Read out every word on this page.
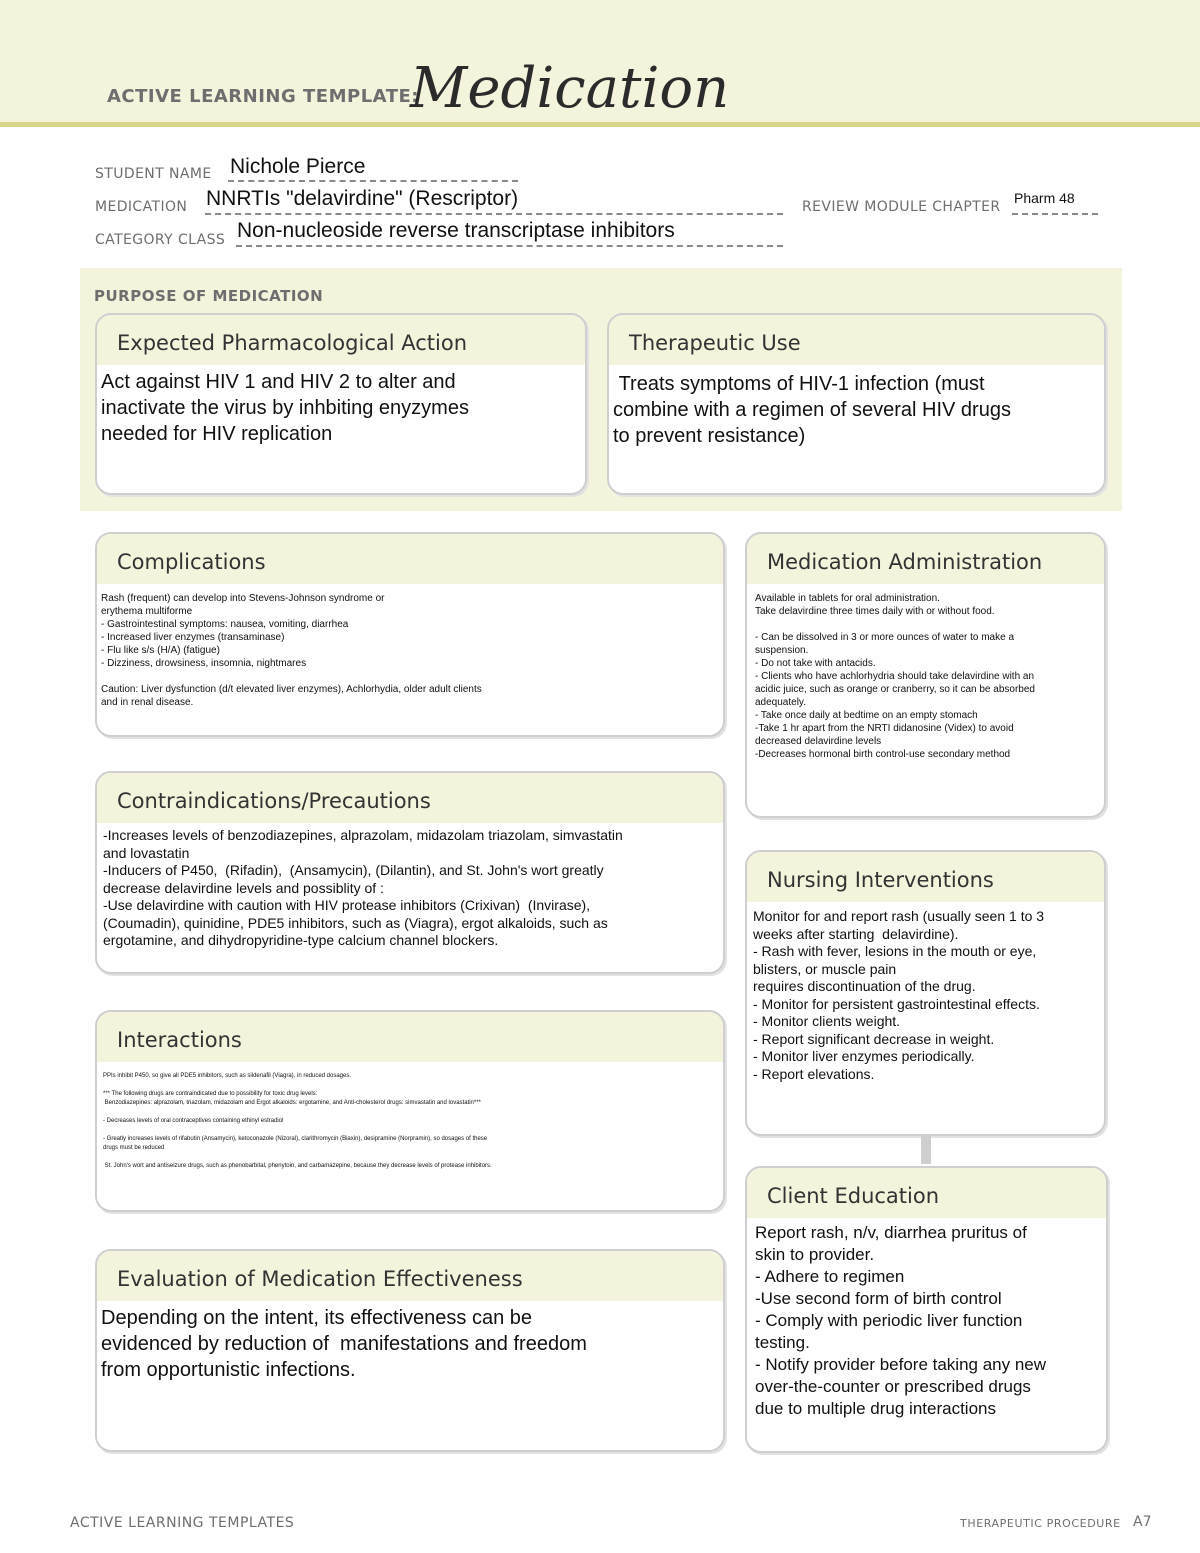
ACTIVE LEARNING TEMPLATE:
Medication
STUDENT NAME Nichole Pierce
MEDICATION NNRTIs "delavirdine" (Rescriptor)	REVIEW MODULE CHAPTER
Pharm 48
CATEGORY CLASS Non-nucleoside reverse transcriptase inhibitors
PURPOSE OF MEDICATION
Expected Pharmacological Action
Act against HIV 1 and HIV 2 to alter and
inactivate the virus by inhbiting enyzymes
needed for HIV replication
Therapeutic Use
Treats symptoms of HIV-1 infection (must
combine with a regimen of several HIV drugs
to prevent resistance)
Complications
Rash (frequent) can develop into Stevens-Johnson syndrome or
erythema multiforme
- Gastrointestinal symptoms: nausea, vomiting, diarrhea
- Increased liver enzymes (transaminase)
- Flu like s/s (H/A) (fatigue)
- Dizziness, drowsiness, insomnia, nightmares

Caution: Liver dysfunction (d/t elevated liver enzymes), Achlorhydia, older adult clients
and in renal disease.
Medication Administration
Available in tablets for oral administration.
Take delavirdine three times daily with or without food.

- Can be dissolved in 3 or more ounces of water to make a
suspension.
- Do not take with antacids.
- Clients who have achlorhydria should take delavirdine with an
acidic juice, such as orange or cranberry, so it can be absorbed
adequately.
- Take once daily at bedtime on an empty stomach
-Take 1 hr apart from the NRTI didanosine (Videx) to avoid
decreased delavirdine levels
-Decreases hormonal birth control-use secondary method
Contraindications/Precautions
-Increases levels of benzodiazepines, alprazolam, midazolam triazolam, simvastatin
and lovastatin
-Inducers of P450,  (Rifadin),  (Ansamycin), (Dilantin), and St. John's wort greatly
decrease delavirdine levels and possiblity of :
-Use delavirdine with caution with HIV protease inhibitors (Crixivan)  (Invirase),
(Coumadin), quinidine, PDE5 inhibitors, such as (Viagra), ergot alkaloids, such as
ergotamine, and dihydropyridine-type calcium channel blockers.
Nursing Interventions
Monitor for and report rash (usually seen 1 to 3
weeks after starting  delavirdine).
- Rash with fever, lesions in the mouth or eye,
blisters, or muscle pain
requires discontinuation of the drug.
- Monitor for persistent gastrointestinal effects.
- Monitor clients weight.
- Report significant decrease in weight.
- Monitor liver enzymes periodically.
- Report elevations.
Interactions
PPIs inhibit P450, so give all PDE5 inhibitors, such as sildenafil (Viagra), in reduced dosages.

*** The following drugs are contraindicated due to possibility for toxic drug levels:
Benzodiazepines: alprazolam, triazolam, midazolam and Ergot alkaloids: ergotamine, and Anti-cholesterol drugs: simvastatin and lovastatin***

- Decreases levels of oral contraceptives containing ethinyl estradiol

- Greatly increases levels of rifabutin (Ansamycin), ketoconazole (Nizoral), clarithromycin (Biaxin), desipramine (Norpramin), so dosages of these
drugs must be reduced

St. John's wort and antiseizure drugs, such as phenobarbital, phenytoin, and carbamazepine, because they decrease levels of protease inhibitors.
Client Education
Report rash, n/v, diarrhea pruritus of
skin to provider.
- Adhere to regimen
-Use second form of birth control
- Comply with periodic liver function
testing.
- Notify provider before taking any new
over-the-counter or prescribed drugs
due to multiple drug interactions
Evaluation of Medication Effectiveness
Depending on the intent, its effectiveness can be
evidenced by reduction of  manifestations and freedom
from opportunistic infections.
ACTIVE LEARNING TEMPLATES	THERAPEUTIC PROCEDURE A7
